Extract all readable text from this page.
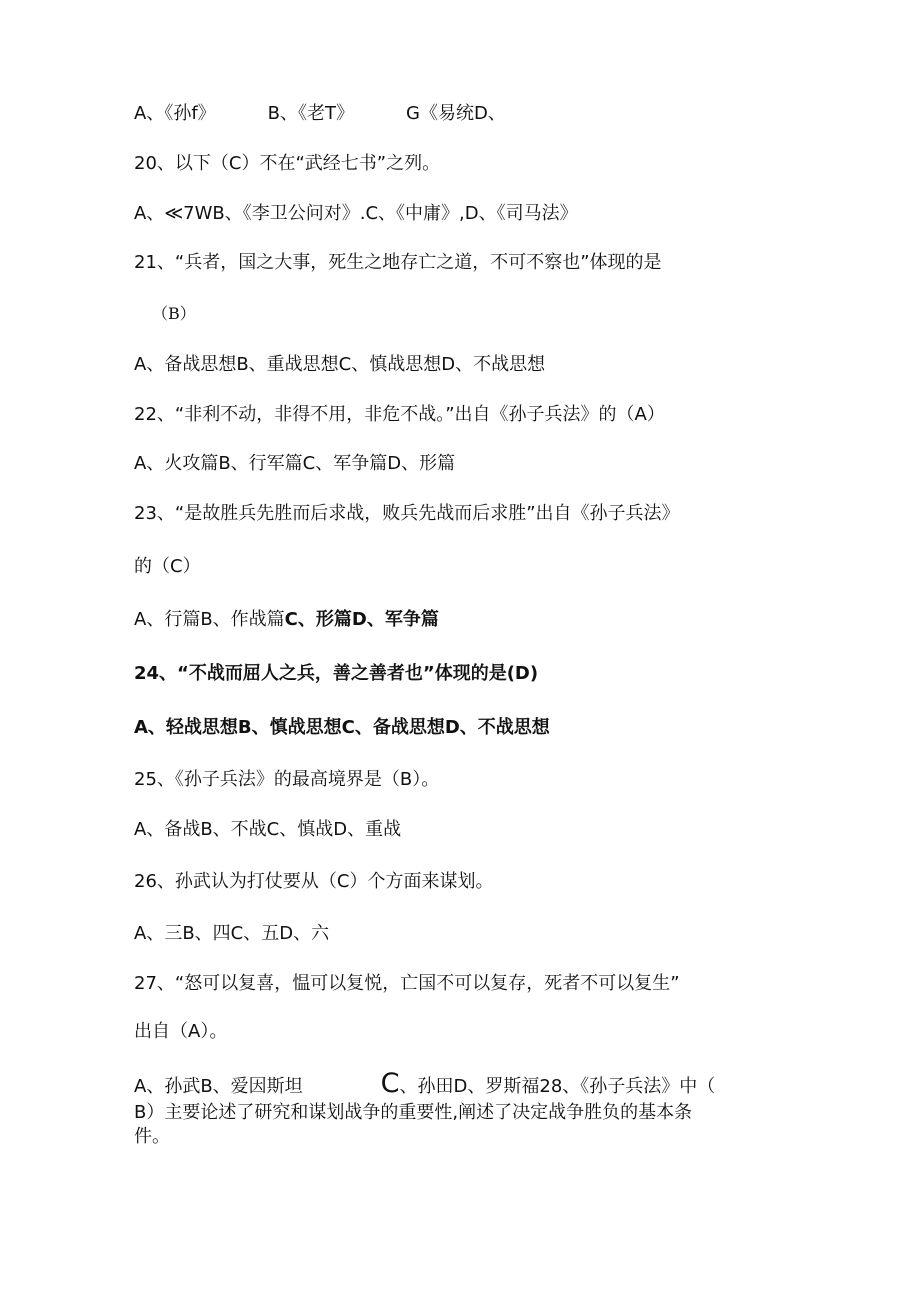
A、《孙f》	B、《老T》	G《易统D、
20、以下（C）不在“武经七书”之列。
A、≪7WB、《李卫公问对》.C、《中庸》,D、《司马法》
21、“兵者，国之大事，死生之地存亡之道，不可不察也”体现的是
（B）
A、备战思想B、重战思想C、慎战思想D、不战思想
22、“非利不动，非得不用，非危不战。”出自《孙子兵法》的（A）
A、火攻篇B、行军篇C、军争篇D、形篇
23、“是故胜兵先胜而后求战，败兵先战而后求胜”出自《孙子兵法》
的（C）
A、行篇B、作战篇C、形篇D、军争篇
24、“不战而屈人之兵，善之善者也”体现的是(D)
A、轻战思想B、慎战思想C、备战思想D、不战思想
25、《孙子兵法》的最高境界是（B）。
A、备战B、不战C、慎战D、重战
26、孙武认为打仗要从（C）个方面来谋划。
A、三B、四C、五D、六
27、“怒可以复喜，愠可以复悦，亡国不可以复存，死者不可以复生”
出自（A）。
A、孙武B、爱因斯坦	C、孙田D、罗斯福28、《孙子兵法》中（
B）主要论述了研究和谋划战争的重要性,阐述了决定战争胜负的基本条
件。
